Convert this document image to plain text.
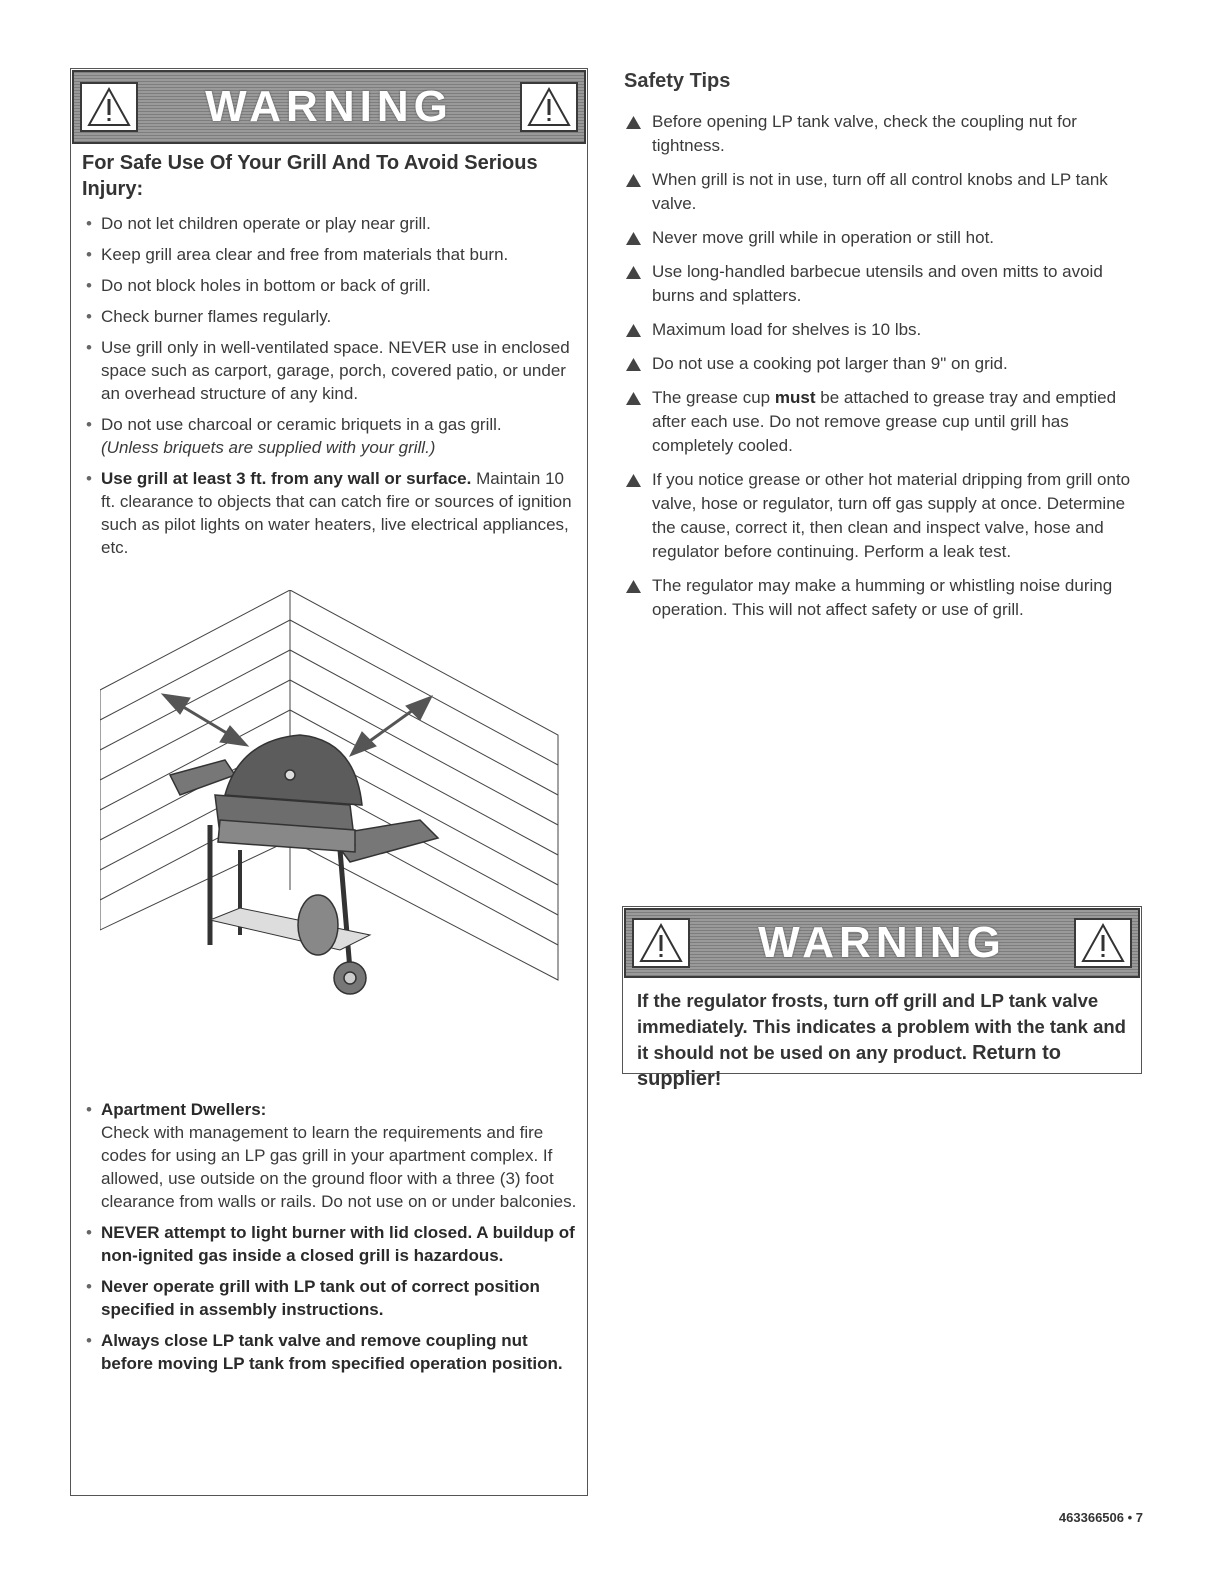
WARNING
For Safe Use Of Your Grill And To Avoid Serious Injury:
• Do not let children operate or play near grill.
• Keep grill area clear and free from materials that burn.
• Do not block holes in bottom or back of grill.
• Check burner flames regularly.
• Use grill only in well-ventilated space. NEVER use in enclosed space such as carport, garage, porch, covered patio, or under an overhead structure of any kind.
• Do not use charcoal or ceramic briquets in a gas grill.
(Unless briquets are supplied with your grill.)
• Use grill at least 3 ft. from any wall or surface. Maintain 10 ft. clearance to objects that can catch fire or sources of ignition such as pilot lights on water heaters, live electrical appliances, etc.
• Apartment Dwellers:
Check with management to learn the requirements and fire codes for using an LP gas grill in your apartment complex. If allowed, use outside on the ground floor with a three (3) foot clearance from walls or rails. Do not use on or under balconies.
• NEVER attempt to light burner with lid closed. A buildup of non-ignited gas inside a closed grill is hazardous.
• Never operate grill with LP tank out of correct position specified in assembly instructions.
• Always close LP tank valve and remove coupling nut before moving LP tank from specified operation position.
Safety Tips
Before opening LP tank valve, check the coupling nut for tightness.
When grill is not in use, turn off all control knobs and LP tank valve.
Never move grill while in operation or still hot.
Use long-handled barbecue utensils and oven mitts to avoid burns and splatters.
Maximum load for shelves is 10 lbs.
Do not use a cooking pot larger than 9" on grid.
The grease cup must be attached to grease tray and emptied after each use. Do not remove grease cup until grill has completely cooled.
If you notice grease or other hot material dripping from grill onto valve, hose or regulator, turn off gas supply at once. Determine the cause, correct it, then clean and inspect valve, hose and regulator before continuing. Perform a leak test.
The regulator may make a humming or whistling noise during operation. This will not affect safety or use of grill.
WARNING
If the regulator frosts, turn off grill and LP tank valve immediately. This indicates a problem with the tank and it should not be used on any product. Return to supplier!
463366506 • 7
